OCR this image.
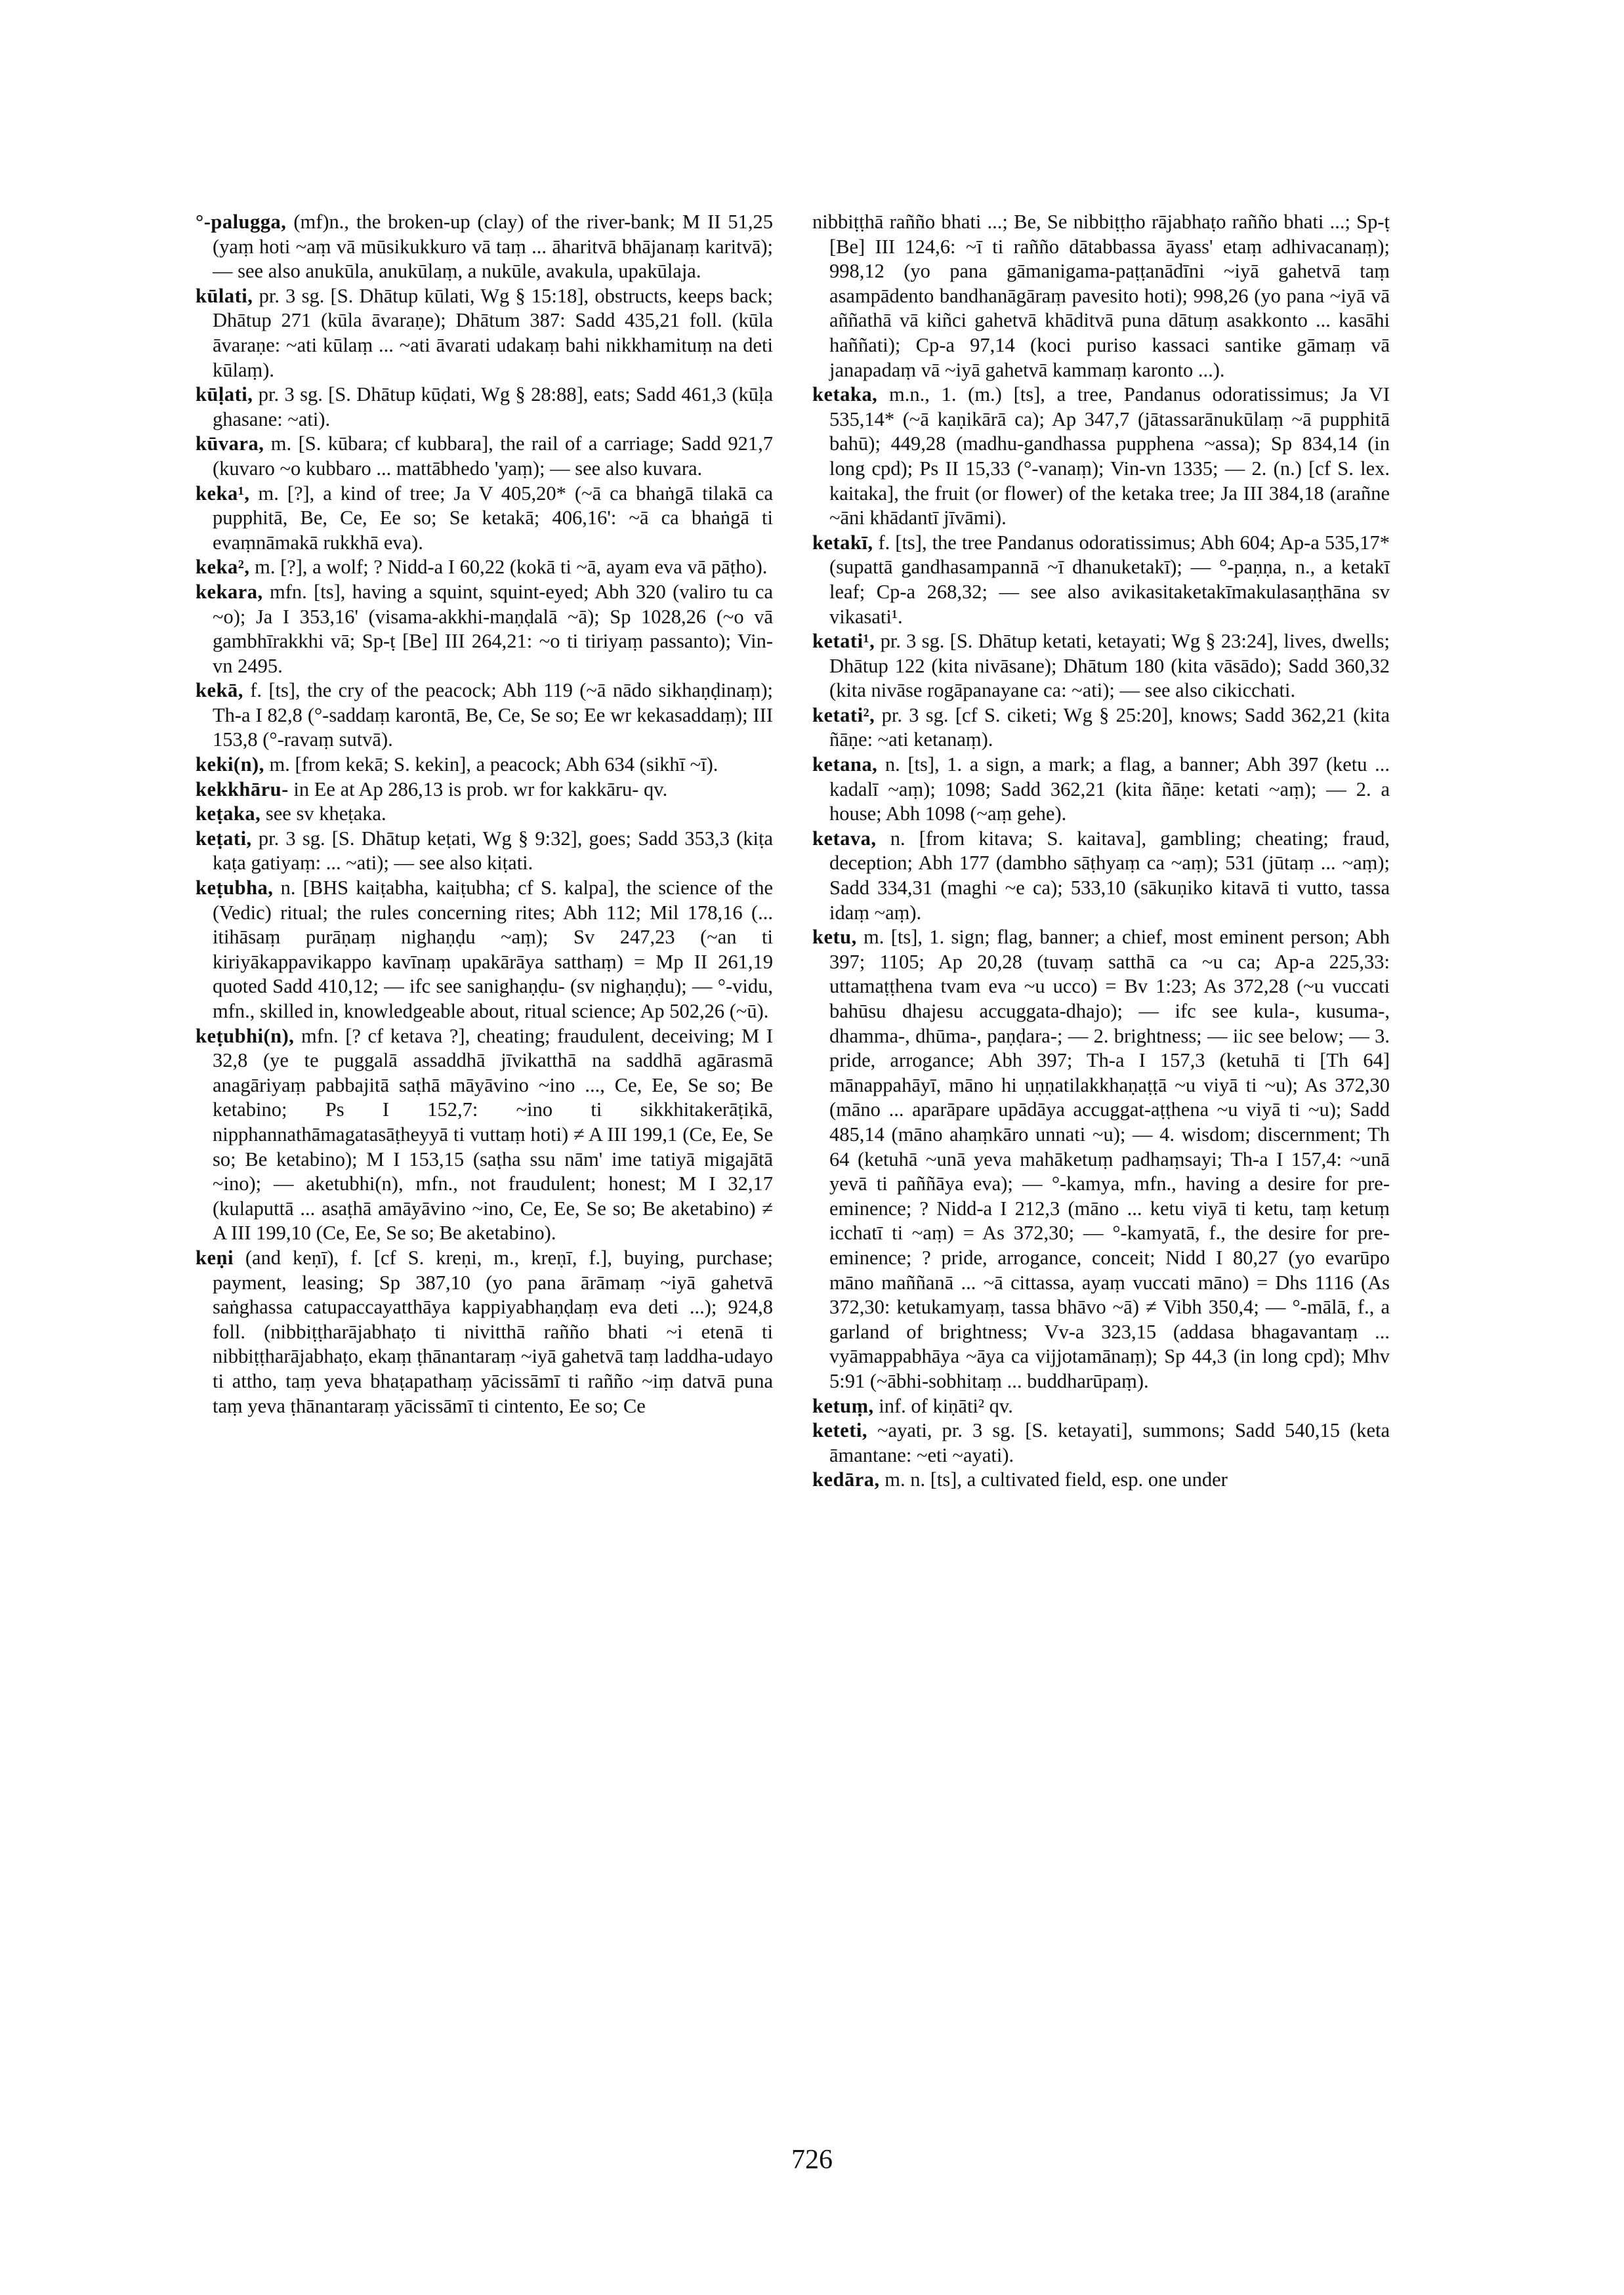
°-palugga, (mf)n., the broken-up (clay) of the river-bank; M II 51,25 (yaṃ hoti ~aṃ vā mūsikukkuro vā taṃ ... āharitvā bhājanaṃ karitvā); — see also anukūla, anukūlaṃ, a nukūle, avakula, upakūlaja.

kūlati, pr. 3 sg. [S. Dhātup kūlati, Wg § 15:18], obstructs, keeps back; Dhātup 271 (kūla āvaraṇe); Dhātum 387: Sadd 435,21 foll. (kūla āvaraṇe: ~ati kūlaṃ ... ~ati āvarati udakaṃ bahi nikkhamituṃ na deti kūlaṃ).

kūḷati, pr. 3 sg. [S. Dhātup kūḍati, Wg § 28:88], eats; Sadd 461,3 (kūḷa ghasane: ~ati).

kūvara, m. [S. kūbara; cf kubbara], the rail of a carriage; Sadd 921,7 (kuvaro ~o kubbaro ... mattābhedo 'yaṃ); — see also kuvara.

keka¹, m. [?], a kind of tree; Ja V 405,20* (~ā ca bhaṅgā tilakā ca pupphitā, Be, Ce, Ee so; Se ketakā; 406,16': ~ā ca bhaṅgā ti evaṃnāmakā rukkhā eva).

keka², m. [?], a wolf; ? Nidd-a I 60,22 (kokā ti ~ā, ayam eva vā pāṭho).

kekara, mfn. [ts], having a squint, squint-eyed; Abh 320 (valiro tu ca ~o); Ja I 353,16' (visama-akkhi-maṇḍalā ~ā); Sp 1028,26 (~o vā gambhīrakkhi vā; Sp-ṭ [Be] III 264,21: ~o ti tiriyaṃ passanto); Vin-vn 2495.

kekā, f. [ts], the cry of the peacock; Abh 119 (~ā nādo sikhaṇḍinaṃ); Th-a I 82,8 (°-saddaṃ karontā, Be, Ce, Se so; Ee wr kekasaddaṃ); III 153,8 (°-ravaṃ sutvā).

keki(n), m. [from kekā; S. kekin], a peacock; Abh 634 (sikhī ~ī).

kekkhāru- in Ee at Ap 286,13 is prob. wr for kakkāru- qv.

keṭaka, see sv kheṭaka.

keṭati, pr. 3 sg. [S. Dhātup keṭati, Wg § 9:32], goes; Sadd 353,3 (kiṭa kaṭa gatiyaṃ: ... ~ati); — see also kiṭati.

keṭubha, n. [BHS kaiṭabha, kaiṭubha; cf S. kalpa], the science of the (Vedic) ritual; the rules concerning rites; Abh 112; Mil 178,16 (... itihāsaṃ purāṇaṃ nighaṇḍu ~aṃ); Sv 247,23 (~an ti kiriyākappavikappo kavīnaṃ upakārāya satthaṃ) = Mp II 261,19 quoted Sadd 410,12; — ifc see sanighaṇḍu- (sv nighaṇḍu); — °-vidu, mfn., skilled in, knowledgeable about, ritual science; Ap 502,26 (~ū).

keṭubhi(n), mfn. [? cf ketava ?], cheating; fraudulent, deceiving; M I 32,8 (ye te puggalā assaddhā jīvikatthā na saddhā agārasmā anagāriyaṃ pabbajitā saṭhā māyāvino ~ino ..., Ce, Ee, Se so; Be ketabino; Ps I 152,7: ~ino ti sikkhitakerāṭikā, nipphannathāmagatasāṭheyyā ti vuttaṃ hoti) ≠ A III 199,1 (Ce, Ee, Se so; Be ketabino); M I 153,15 (saṭha ssu nām' ime tatiyā migajātā ~ino); — aketubhi(n), mfn., not fraudulent; honest; M I 32,17 (kulaputtā ... asaṭhā amāyāvino ~ino, Ce, Ee, Se so; Be aketabino) ≠ A III 199,10 (Ce, Ee, Se so; Be aketabino).

keṇi (and keṇī), f. [cf S. kreṇi, m., kreṇī, f.], buying, purchase; payment, leasing; Sp 387,10 (yo pana ārāmaṃ ~iyā gahetvā saṅghassa catupaccayatthāya kappiyabhaṇḍaṃ eva deti ...); 924,8 foll. (nibbiṭṭharājabhaṭo ti nivitthā rañño bhati ~i etenā ti nibbiṭṭharājabhaṭo, ekaṃ ṭhānantaraṃ ~iyā gahetvā taṃ laddha-udayo ti attho, taṃ yeva bhaṭapathaṃ yācissāmī ti rañño ~iṃ datvā puna taṃ yeva ṭhānantaraṃ yācissāmī ti cintento, Ee so; Ce

nibbiṭṭhā rañño bhati ...; Be, Se nibbiṭṭho rājabhaṭo rañño bhati ...; Sp-ṭ [Be] III 124,6: ~ī ti rañño dātabbassa āyass' etaṃ adhivacanaṃ); 998,12 (yo pana gāmanigama-paṭṭanādīni ~iyā gahetvā taṃ asampādento bandhanāgāraṃ pavesito hoti); 998,26 (yo pana ~iyā vā aññathā vā kiñci gahetvā khāditvā puna dātuṃ asakkonto ... kasāhi haññati); Cp-a 97,14 (koci puriso kassaci santike gāmaṃ vā janapadaṃ vā ~iyā gahetvā kammaṃ karonto ...).

ketaka, m.n., 1. (m.) [ts], a tree, Pandanus odoratissimus; Ja VI 535,14* (~ā kaṇikārā ca); Ap 347,7 (jātassarānukūlaṃ ~ā pupphitā bahū); 449,28 (madhu-gandhassa pupphena ~assa); Sp 834,14 (in long cpd); Ps II 15,33 (°-vanaṃ); Vin-vn 1335; — 2. (n.) [cf S. lex. kaitaka], the fruit (or flower) of the ketaka tree; Ja III 384,18 (arañne ~āni khādantī jīvāmi).

ketakī, f. [ts], the tree Pandanus odoratissimus; Abh 604; Ap-a 535,17* (supattā gandhasampannā ~ī dhanuketakī); — °-paṇṇa, n., a ketakī leaf; Cp-a 268,32; — see also avikasitaketakīmakulasaṇṭhāna sv vikasati¹.

ketati¹, pr. 3 sg. [S. Dhātup ketati, ketayati; Wg § 23:24], lives, dwells; Dhātup 122 (kita nivāsane); Dhātum 180 (kita vāsādo); Sadd 360,32 (kita nivāse rogāpanayane ca: ~ati); — see also cikicchati.

ketati², pr. 3 sg. [cf S. ciketi; Wg § 25:20], knows; Sadd 362,21 (kita ñāṇe: ~ati ketanaṃ).

ketana, n. [ts], 1. a sign, a mark; a flag, a banner; Abh 397 (ketu ... kadalī ~aṃ); 1098; Sadd 362,21 (kita ñāṇe: ketati ~aṃ); — 2. a house; Abh 1098 (~aṃ gehe).

ketava, n. [from kitava; S. kaitava], gambling; cheating; fraud, deception; Abh 177 (dambho sāṭhyaṃ ca ~aṃ); 531 (jūtaṃ ... ~aṃ); Sadd 334,31 (maghi ~e ca); 533,10 (sākuṇiko kitavā ti vutto, tassa idaṃ ~aṃ).

ketu, m. [ts], 1. sign; flag, banner; a chief, most eminent person; Abh 397; 1105; Ap 20,28 (tuvaṃ satthā ca ~u ca; Ap-a 225,33: uttamaṭṭhena tvam eva ~u ucco) = Bv 1:23; As 372,28 (~u vuccati bahūsu dhajesu accuggata-dhajo); — ifc see kula-, kusuma-, dhamma-, dhūma-, paṇḍara-; — 2. brightness; — iic see below; — 3. pride, arrogance; Abh 397; Th-a I 157,3 (ketuhā ti [Th 64] mānappahāyī, māno hi uṇṇatilakkhaṇaṭṭā ~u viyā ti ~u); As 372,30 (māno ... aparāpare upādāya accuggat-aṭṭhena ~u viyā ti ~u); Sadd 485,14 (māno ahaṃkāro unnati ~u); — 4. wisdom; discernment; Th 64 (ketuhā ~unā yeva mahāketuṃ padhaṃsayi; Th-a I 157,4: ~unā yevā ti paññāya eva); — °-kamya, mfn., having a desire for pre-eminence; ? Nidd-a I 212,3 (māno ... ketu viyā ti ketu, taṃ ketuṃ icchatī ti ~aṃ) = As 372,30; — °-kamyatā, f., the desire for pre-eminence; ? pride, arrogance, conceit; Nidd I 80,27 (yo evarūpo māno maññanā ... ~ā cittassa, ayaṃ vuccati māno) = Dhs 1116 (As 372,30: ketukamyaṃ, tassa bhāvo ~ā) ≠ Vibh 350,4; — °-mālā, f., a garland of brightness; Vv-a 323,15 (addasa bhagavantaṃ ... vyāmappabhāya ~āya ca vijjotamānaṃ); Sp 44,3 (in long cpd); Mhv 5:91 (~ābhi-sobhitaṃ ... buddharūpaṃ).

ketuṃ, inf. of kiṇāti² qv.

keteti, ~ayati, pr. 3 sg. [S. ketayati], summons; Sadd 540,15 (keta āmantane: ~eti ~ayati).

kedāra, m. n. [ts], a cultivated field, esp. one under

726
